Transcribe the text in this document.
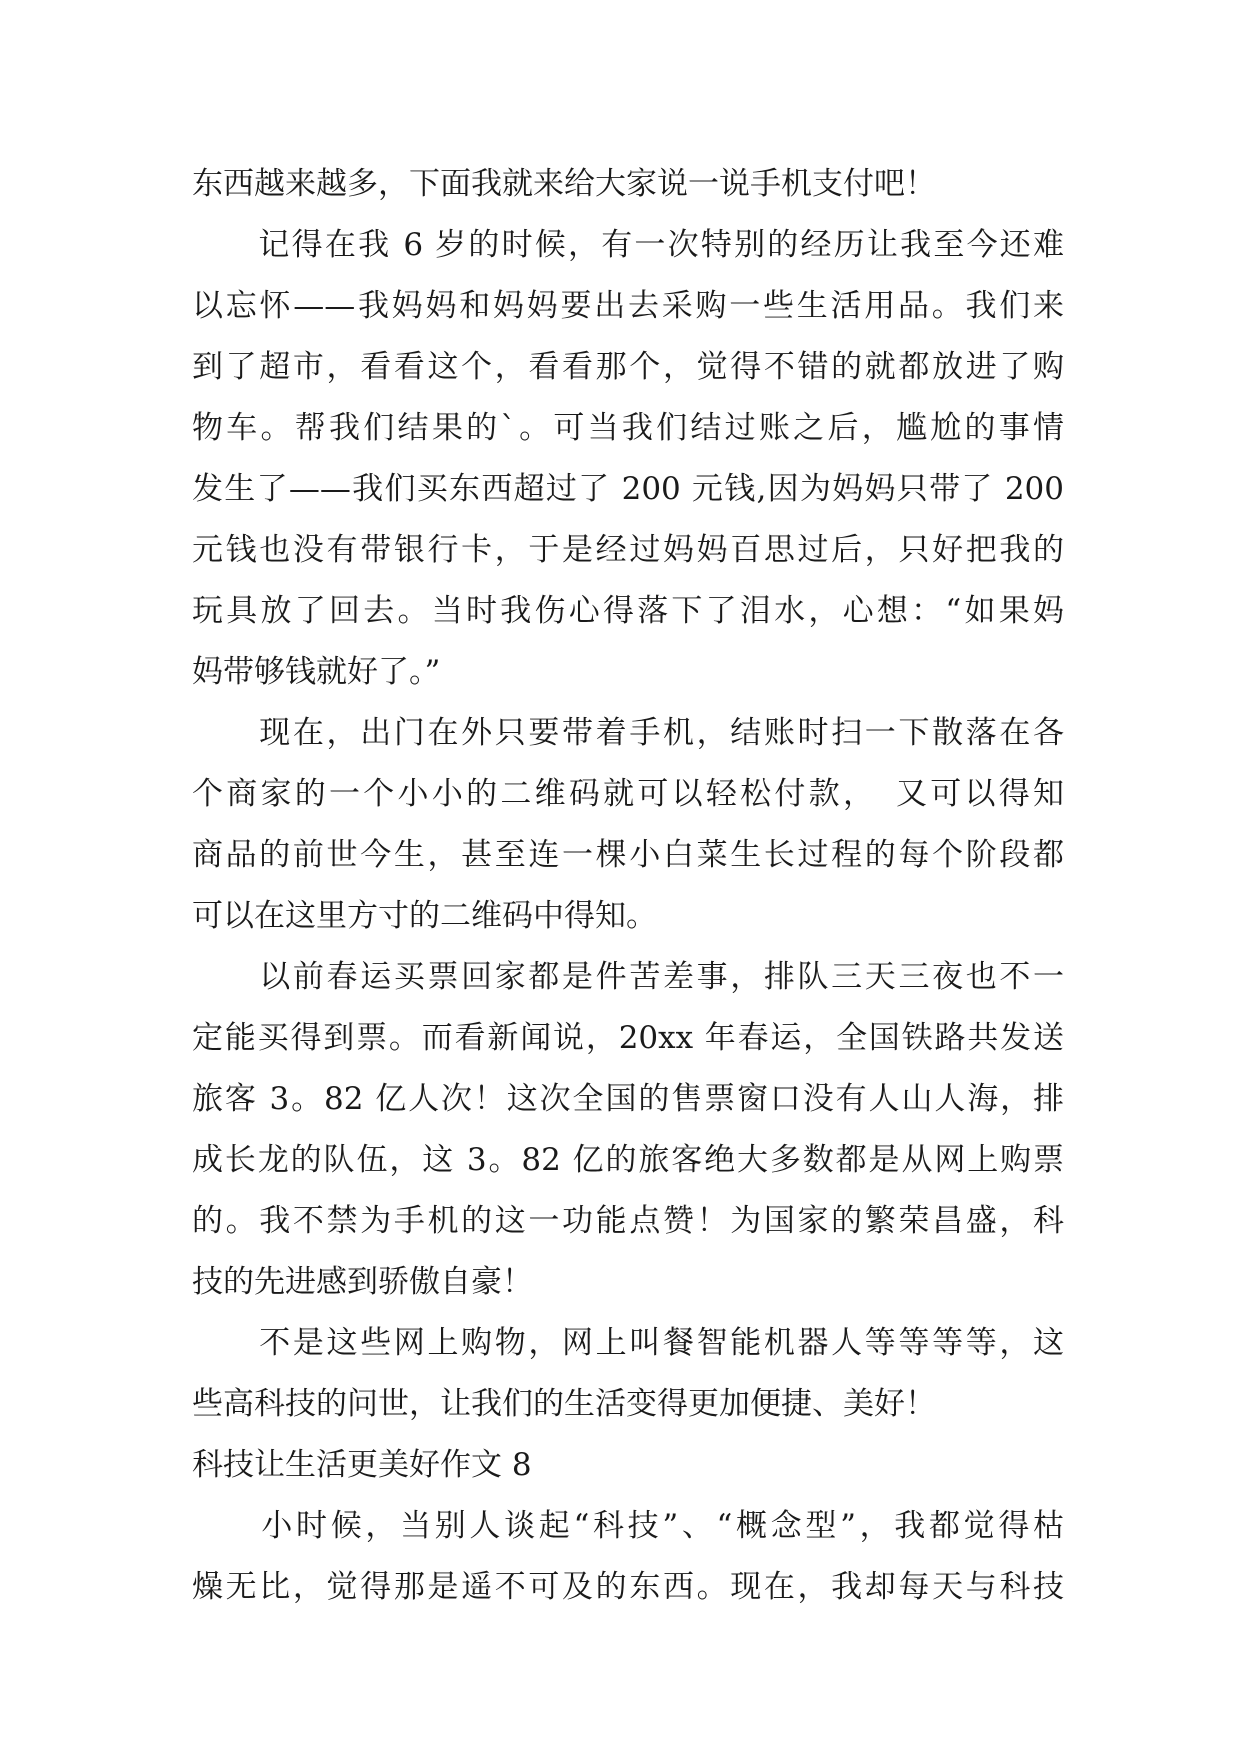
东西越来越多，下面我就来给大家说一说手机支付吧！
　　记得在我 6 岁的时候，有一次特别的经历让我至今还难
以忘怀——我妈妈和妈妈要出去采购一些生活用品。我们来
到了超市，看看这个，看看那个，觉得不错的就都放进了购
物车。帮我们结果的`。可当我们结过账之后，尴尬的事情
发生了——我们买东西超过了 200 元钱,因为妈妈只带了 200
元钱也没有带银行卡，于是经过妈妈百思过后，只好把我的
玩具放了回去。当时我伤心得落下了泪水，心想：“如果妈
妈带够钱就好了。”
　　现在，出门在外只要带着手机，结账时扫一下散落在各
个商家的一个小小的二维码就可以轻松付款，　又可以得知
商品的前世今生，甚至连一棵小白菜生长过程的每个阶段都
可以在这里方寸的二维码中得知。
　　以前春运买票回家都是件苦差事，排队三天三夜也不一
定能买得到票。而看新闻说，20xx 年春运，全国铁路共发送
旅客 3。82 亿人次！这次全国的售票窗口没有人山人海，排
成长龙的队伍，这 3。82 亿的旅客绝大多数都是从网上购票
的。我不禁为手机的这一功能点赞！为国家的繁荣昌盛，科
技的先进感到骄傲自豪！
　　不是这些网上购物，网上叫餐智能机器人等等等等，这
些高科技的问世，让我们的生活变得更加便捷、美好！
科技让生活更美好作文 8
　　小时候，当别人谈起“科技”、“概念型”，我都觉得枯
燥无比，觉得那是遥不可及的东西。现在，我却每天与科技
